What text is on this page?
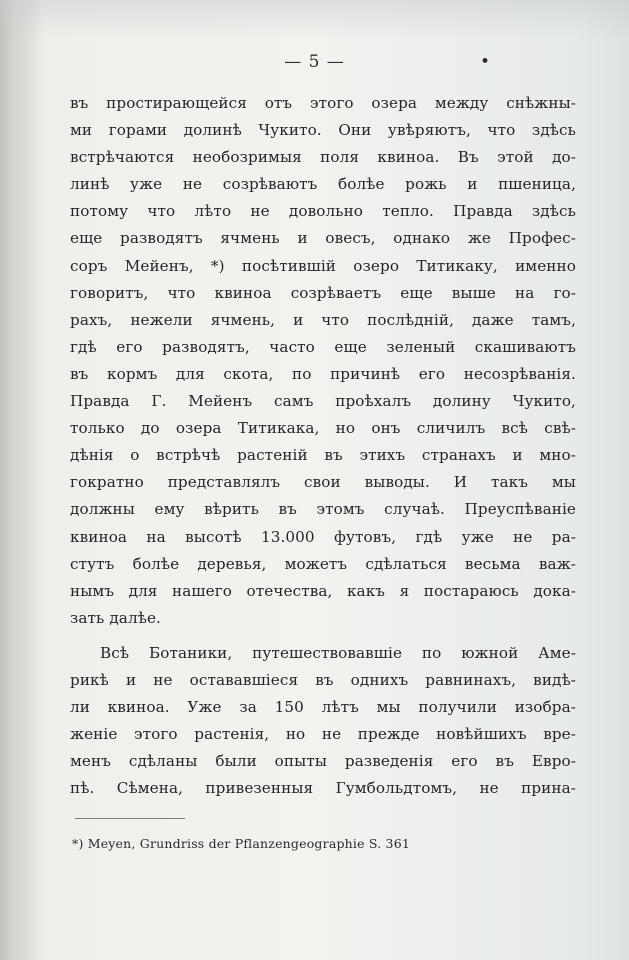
— 5 —	•
въ простирающейся отъ этого озера между снѣжны-
ми горами долинѣ Чукито. Они увѣряютъ, что здѣсь
встрѣчаются необозримыя поля квиноа. Въ этой до-
линѣ уже не созрѣваютъ болѣе рожь и пшеница,
потому что лѣто не довольно тепло. Правда здѣсь
еще разводятъ ячмень и овесъ, однако же Профес-
соръ Мейенъ, *) посѣтившій озеро Титикаку, именно
говоритъ, что квиноа созрѣваетъ еще выше на го-
рахъ, нежели ячмень, и что послѣдній, даже тамъ,
гдѣ его разводятъ, часто еще зеленый скашиваютъ
въ кормъ для скота, по причинѣ его несозрѣванія.
Правда Г. Мейенъ самъ проѣхалъ долину Чукито,
только до озера Титикака, но онъ сличилъ всѣ свѣ-
дѣнія о встрѣчѣ растеній въ этихъ странахъ и мно-
гократно представлялъ свои выводы. И такъ мы
должны ему вѣрить въ этомъ случаѣ. Преуспѣваніе
квиноа на высотѣ 13.000 футовъ, гдѣ уже не ра-
стутъ болѣе деревья, можетъ сдѣлаться весьма важ-
нымъ для нашего отечества, какъ я постараюсь дока-
зать далѣе.
Всѣ Ботаники, путешествовавшіе по южной Аме-
рикѣ и не остававшіеся въ однихъ равнинахъ, видѣ-
ли квиноа. Уже за 150 лѣтъ мы получили изобра-
женіе этого растенія, но не прежде новѣйшихъ вре-
менъ сдѣланы были опыты разведенія его въ Евро-
пѣ. Сѣмена, привезенныя Гумбольдтомъ, не прина-
*) Meyen, Grundriss der Pflanzengeographie S. 361
